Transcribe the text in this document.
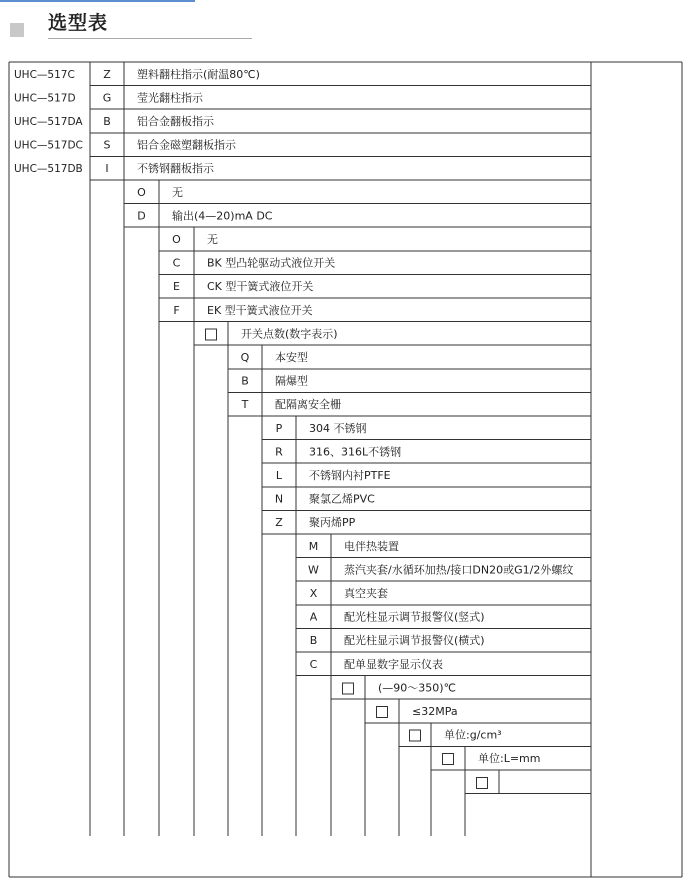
选型表
UHC—517C
UHC—517D
UHC—517DA
UHC—517DC
UHC—517DB
Z 塑料翻柱指示(耐温80℃)
G 莹光翻柱指示
B 铝合金翻板指示
S 铝合金磁塑翻板指示
I	不锈钢翻板指示
O 无
D 输出(4—20)mA DC
O 无
C BK 型凸轮驱动式液位开关
E CK 型干簧式液位开关
F EK 型干簧式液位开关
开关点数(数字表示)
Q 本安型
B 隔爆型
T 配隔离安全栅
P 304 不锈钢
R 316、316L不锈钢
L 不锈钢内衬PTFE
N 聚氯乙烯PVC
Z 聚丙烯PP
M 电伴热装置
W 蒸汽夹套/水循环加热/接口DN20或G1/2外螺纹
X 真空夹套
A 配光柱显示调节报警仪(竖式)
B 配光柱显示调节报警仪(横式)
C 配单显数字显示仪表
(—90～350)℃
≤32MPa
单位:g/cm³
单位:L=mm
